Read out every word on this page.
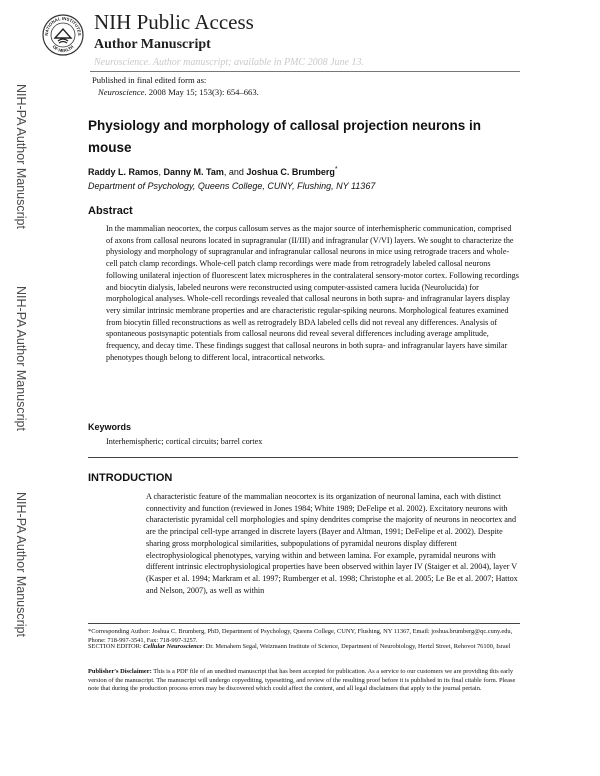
NATIONAL INSTITUTES
OF HEALTH
NIH Public Access
Author Manuscript
Neuroscience. Author manuscript; available in PMC 2008 June 13.
Published in final edited form as:
Neuroscience. 2008 May 15; 153(3): 654–663.
NIH-PA Author Manuscript
NIH-PA Author Manuscript
NIH-PA Author Manuscript
Physiology and morphology of callosal projection neurons in mouse
Raddy L. Ramos, Danny M. Tam, and Joshua C. Brumberg*
Department of Psychology, Queens College, CUNY, Flushing, NY 11367
Abstract

In the mammalian neocortex, the corpus callosum serves as the major source of interhemispheric communication, comprised of axons from callosal neurons located in supragranular (II/III) and infragranular (V/VI) layers. We sought to characterize the physiology and morphology of supragranular and infragranular callosal neurons in mice using retrograde tracers and whole-cell patch clamp recordings. Whole-cell patch clamp recordings were made from retrogradely labeled callosal neurons following unilateral injection of fluorescent latex microspheres in the contralateral sensory-motor cortex. Following recordings and biocytin dialysis, labeled neurons were reconstructed using computer-assisted camera lucida (Neurolucida) for morphological analyses. Whole-cell recordings revealed that callosal neurons in both supra- and infragranular layers display very similar intrinsic membrane properties and are characteristic regular-spiking neurons. Morphological features examined from biocytin filled reconstructions as well as retrogradely BDA labeled cells did not reveal any differences. Analysis of spontaneous postsynaptic potentials from callosal neurons did reveal several differences including average amplitude, frequency, and decay time. These findings suggest that callosal neurons in both supra- and infragranular layers have similar phenotypes though belong to different local, intracortical networks.

Keywords
Interhemispheric; cortical circuits; barrel cortex
INTRODUCTION

A characteristic feature of the mammalian neocortex is its organization of neuronal lamina, each with distinct connectivity and function (reviewed in Jones 1984; White 1989; DeFelipe et al. 2002). Excitatory neurons with characteristic pyramidal cell morphologies and spiny dendrites comprise the majority of neurons in neocortex and are the principal cell-type arranged in discrete layers (Bayer and Altman, 1991; DeFelipe et al. 2002). Despite sharing gross morphological similarities, subpopulations of pyramidal neurons display different electrophysiological phenotypes, varying within and between lamina. For example, pyramidal neurons with different intrinsic electrophysiological properties have been observed within layer IV (Staiger et al. 2004), layer V (Kasper et al. 1994; Markram et al. 1997; Rumberger et al. 1998; Christophe et al. 2005; Le Be et al. 2007; Hattox and Nelson, 2007), as well as within

*Corresponding Author: Joshua C. Brumberg, PhD, Department of Psychology, Queens College, CUNY, Flushing, NY 11367, Email: joshua.brumberg@qc.cuny.edu, Phone: 718-997-3541, Fax: 718-997-3257.

SECTION EDITOR: Cellular Neuroscience: Dr. Menahem Segal, Weizmann Institute of Science, Department of Neurobiology, Hertzl Street, Rehovot 76100, Israel

Publisher's Disclaimer: This is a PDF file of an unedited manuscript that has been accepted for publication. As a service to our customers we are providing this early version of the manuscript. The manuscript will undergo copyediting, typesetting, and review of the resulting proof before it is published in its final citable form. Please note that during the production process errors may be discovered which could affect the content, and all legal disclaimers that apply to the journal pertain.
